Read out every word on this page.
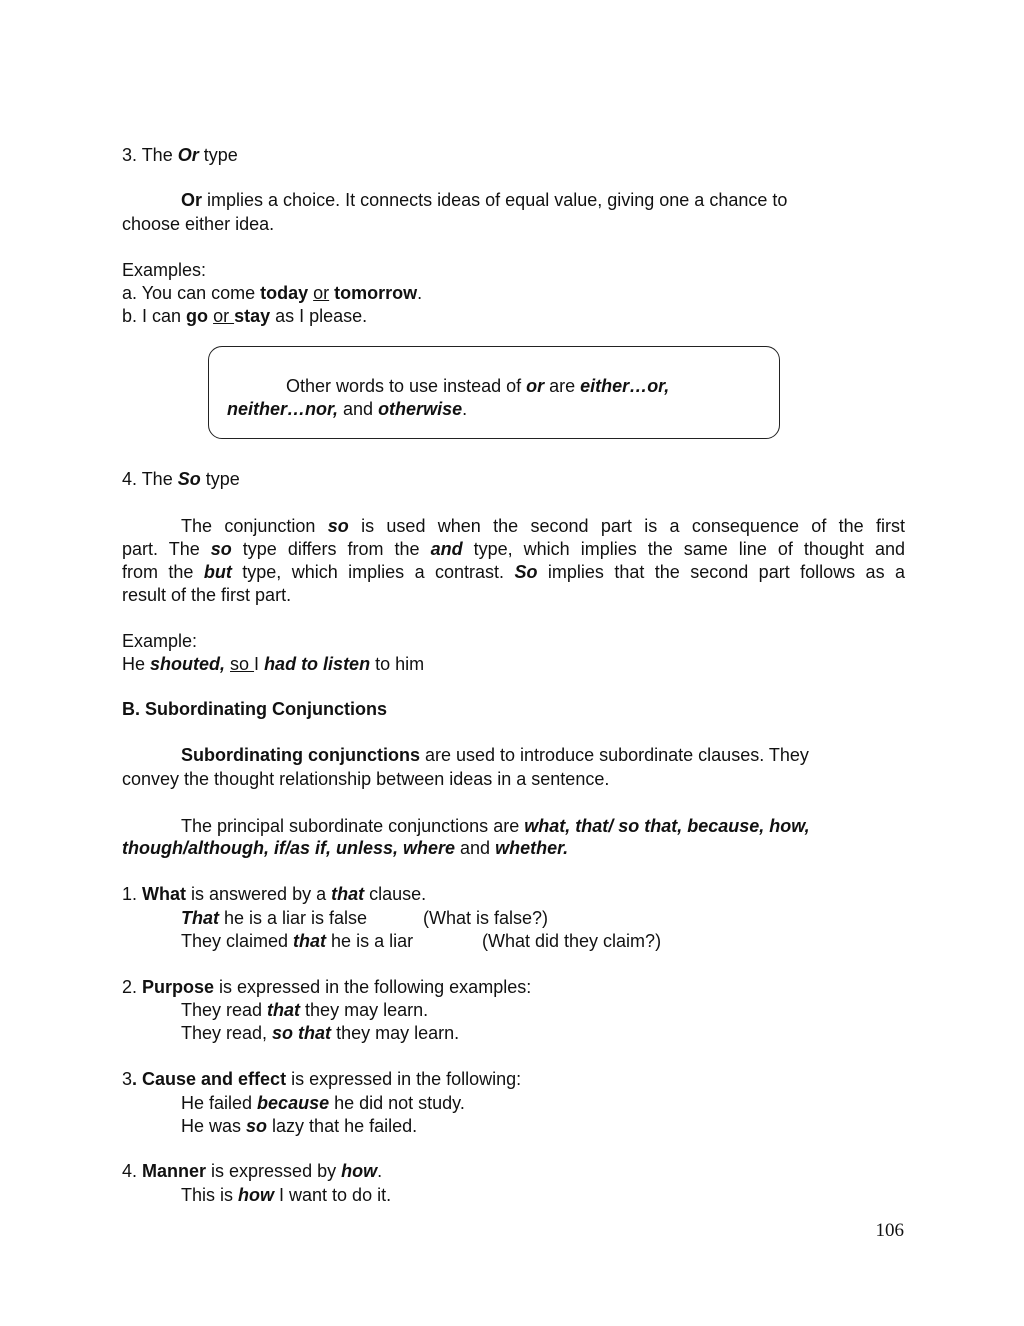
3. The Or type
Or implies a choice. It connects ideas of equal value, giving one a chance to
choose either idea.
Examples:
a. You can come today or tomorrow.
b. I can go or stay as I please.
Other words to use instead of or are either…or,
neither…nor, and otherwise.
4. The So type
The conjunction so is used when the second part is a consequence of the first
part. The so type differs from the and type, which implies the same line of thought and
from the but type, which implies a contrast. So implies that the second part follows as a
result of the first part.
Example:
He shouted, so I had to listen to him
B. Subordinating Conjunctions
Subordinating conjunctions are used to introduce subordinate clauses. They
convey the thought relationship between ideas in a sentence.
The principal subordinate conjunctions are what, that/ so that, because, how,
though/although, if/as if, unless, where and whether.
1. What is answered by a that clause.
That he is a liar is false	(What is false?)
They claimed that he is a liar	(What did they claim?)
2. Purpose is expressed in the following examples:
They read that they may learn.
They read, so that they may learn.
3. Cause and effect is expressed in the following:
He failed because he did not study.
He was so lazy that he failed.
4. Manner is expressed by how.
This is how I want to do it.
106
